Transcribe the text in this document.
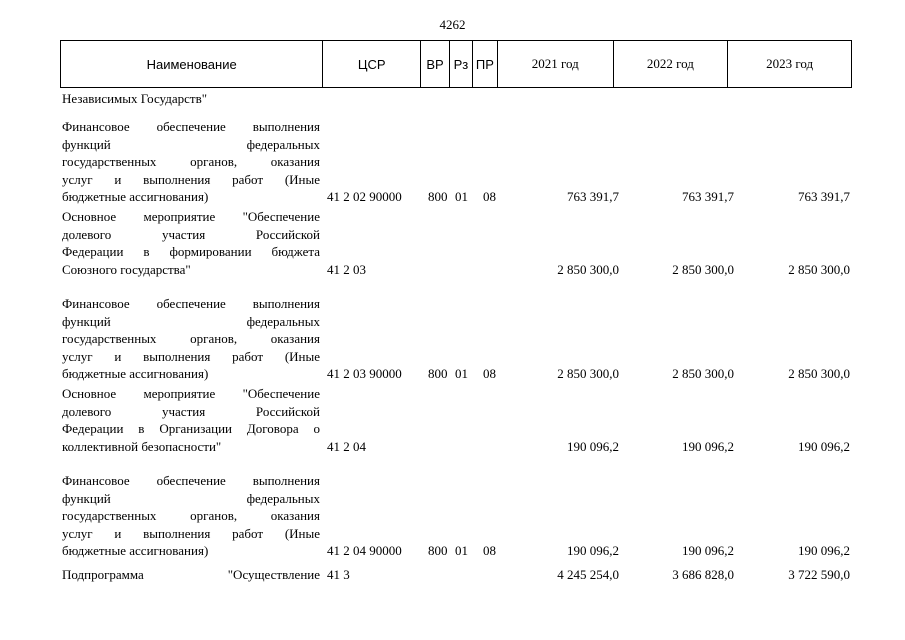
4262
Наименование	ЦСР	ВР Рз ПР	2021 год	2022 год	2023 год
Независимых Государств"
Финансовое обеспечение выполнения
функций федеральных
государственных органов, оказания
услуг и выполнения работ (Иные
бюджетные ассигнования)	41 2 02 90000 800 01 08	763 391,7	763 391,7	763 391,7
Основное мероприятие "Обеспечение
долевого участия Российской
Федерации в формировании бюджета
Союзного государства"	41 2 03	2 850 300,0	2 850 300,0	2 850 300,0
Финансовое обеспечение выполнения
функций федеральных
государственных органов, оказания
услуг и выполнения работ (Иные
бюджетные ассигнования)	41 2 03 90000 800 01 08	2 850 300,0	2 850 300,0	2 850 300,0
Основное мероприятие "Обеспечение
долевого участия Российской
Федерации в Организации Договора о
коллективной безопасности"	41 2 04	190 096,2	190 096,2	190 096,2
Финансовое обеспечение выполнения
функций федеральных
государственных органов, оказания
услуг и выполнения работ (Иные
бюджетные ассигнования)	41 2 04 90000 800 01 08	190 096,2	190 096,2	190 096,2
Подпрограмма "Осуществление 41 3	4 245 254,0	3 686 828,0	3 722 590,0
